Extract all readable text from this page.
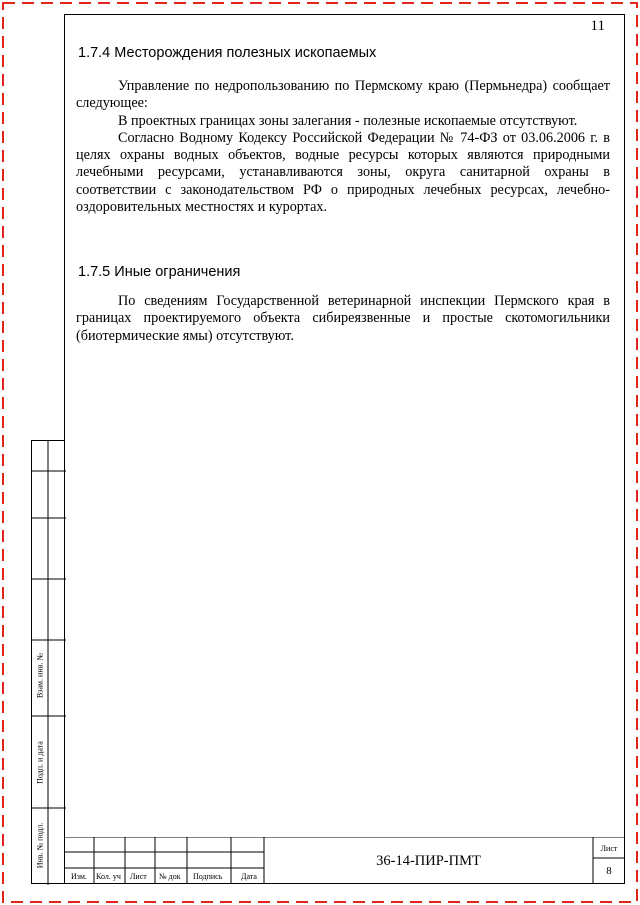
11
1.7.4 Месторождения полезных ископаемых

Управление по недропользованию по Пермскому краю (Пермьнедра) сообщает следующее:

В проектных границах зоны залегания - полезные ископаемые отсутствуют.

Согласно Водному Кодексу Российской Федерации № 74-ФЗ от 03.06.2006 г. в целях охраны водных объектов, водные ресурсы которых являются природными лечебными ресурсами, устанавливаются зоны, округа санитарной охраны в соответствии с законодательством РФ о природных лечебных ресурсах, лечебно-оздоровительных местностях и курортах.

1.7.5 Иные ограничения

По сведениям Государственной ветеринарной инспекции Пермского края в границах проектируемого объекта сибиреязвенные и простые скотомогильники (биотермические ямы) отсутствуют.

Взам. инв. №
Подп. и дата
Инв. № подл.
Изм. Кол. уч Лист № док Подпись Дата
36-14-ПИР-ПМТ
Лист
8
